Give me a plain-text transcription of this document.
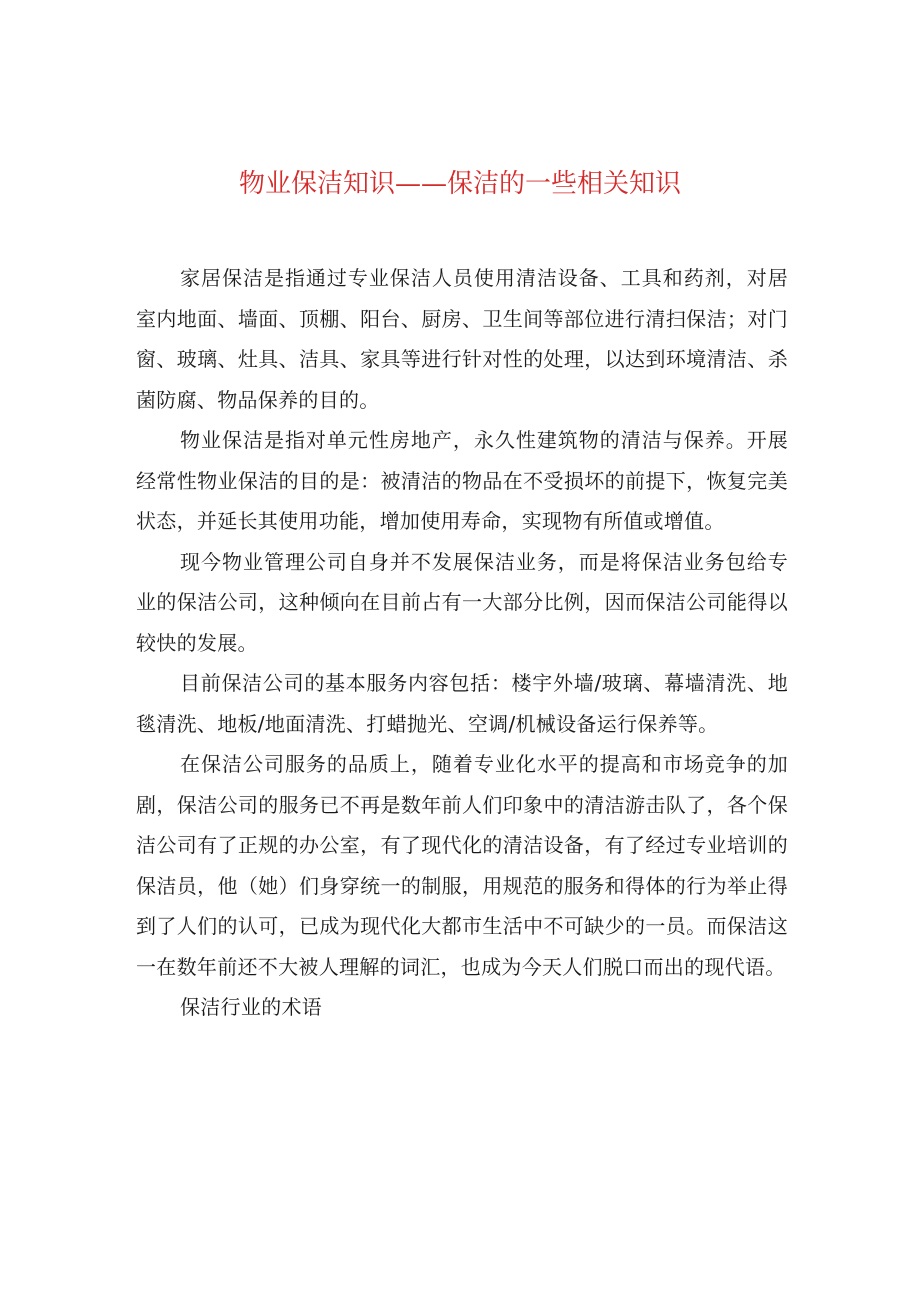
物业保洁知识——保洁的一些相关知识

家居保洁是指通过专业保洁人员使用清洁设备、工具和药剂，对居室内地面、墙面、顶棚、阳台、厨房、卫生间等部位进行清扫保洁；对门窗、玻璃、灶具、洁具、家具等进行针对性的处理，以达到环境清洁、杀菌防腐、物品保养的目的。

物业保洁是指对单元性房地产，永久性建筑物的清洁与保养。开展经常性物业保洁的目的是：被清洁的物品在不受损坏的前提下，恢复完美状态，并延长其使用功能，增加使用寿命，实现物有所值或增值。

现今物业管理公司自身并不发展保洁业务，而是将保洁业务包给专业的保洁公司，这种倾向在目前占有一大部分比例，因而保洁公司能得以较快的发展。

目前保洁公司的基本服务内容包括：楼宇外墙/玻璃、幕墙清洗、地毯清洗、地板/地面清洗、打蜡抛光、空调/机械设备运行保养等。

在保洁公司服务的品质上，随着专业化水平的提高和市场竞争的加剧，保洁公司的服务已不再是数年前人们印象中的清洁游击队了，各个保洁公司有了正规的办公室，有了现代化的清洁设备，有了经过专业培训的保洁员，他（她）们身穿统一的制服，用规范的服务和得体的行为举止得到了人们的认可，已成为现代化大都市生活中不可缺少的一员。而保洁这一在数年前还不大被人理解的词汇，也成为今天人们脱口而出的现代语。

保洁行业的术语
